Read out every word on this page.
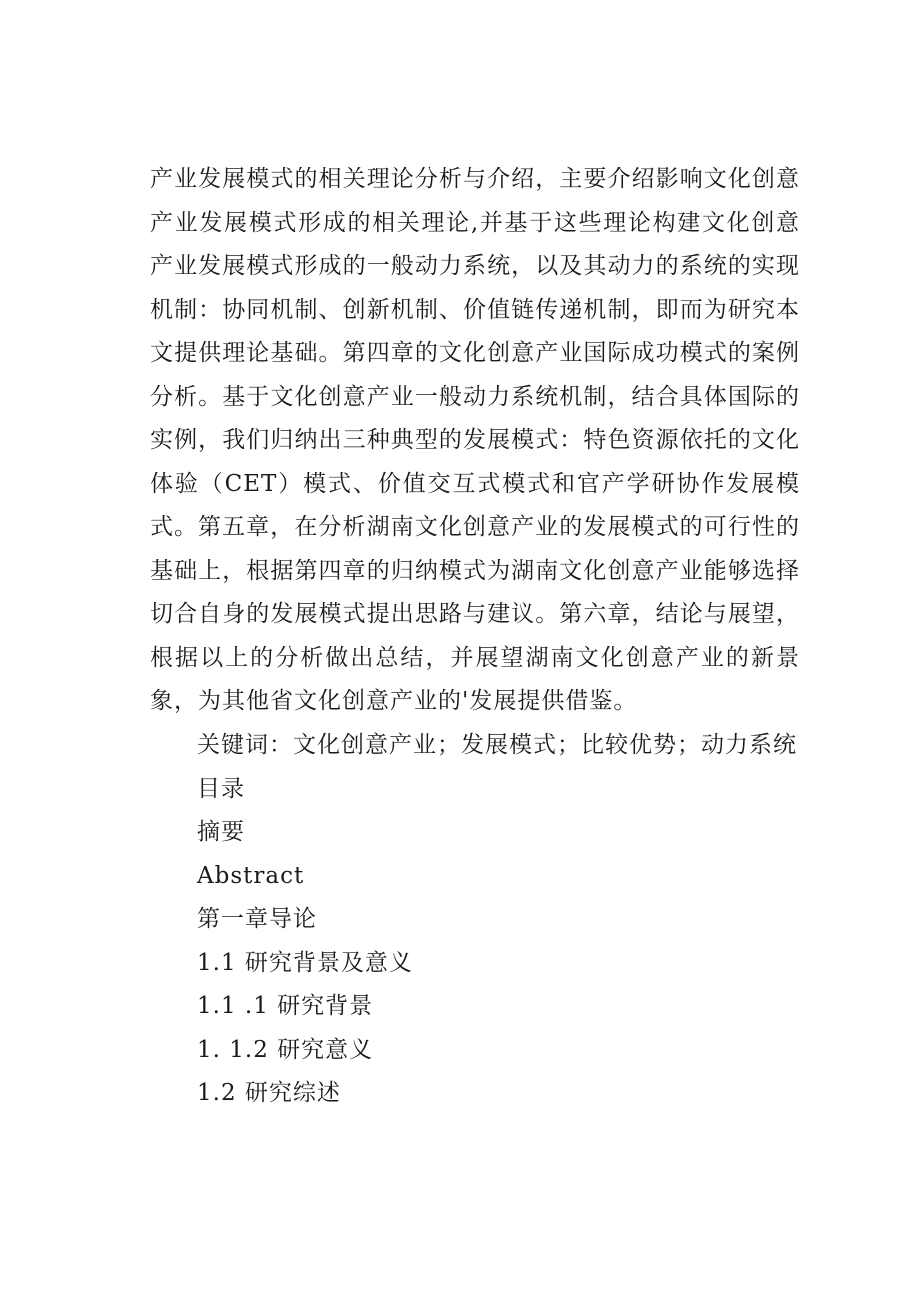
产业发展模式的相关理论分析与介绍，主要介绍影响文化创意产业发展模式形成的相关理论,并基于这些理论构建文化创意产业发展模式形成的一般动力系统，以及其动力的系统的实现机制：协同机制、创新机制、价值链传递机制，即而为研究本文提供理论基础。第四章的文化创意产业国际成功模式的案例分析。基于文化创意产业一般动力系统机制，结合具体国际的实例，我们归纳出三种典型的发展模式：特色资源依托的文化体验（CET）模式、价值交互式模式和官产学研协作发展模式。 第五章，在分析湖南文化创意产业的发展模式的可行性的基础上，根据第四章的归纳模式为湖南文化创意产业能够选择切合自身的发展模式提出思路与建议。第六章，结论与展望，根据以上的分析做出总结，并展望湖南文化创意产业的新景象，为其他省文化创意产业的'发展提供借鉴。

关键词：文化创意产业；发展模式；比较优势；动力系统

目录

摘要
Abstract
第一章导论
1.1 研究背景及意义
1.1 .1 研究背景
1. 1.2 研究意义
1.2 研究综述
